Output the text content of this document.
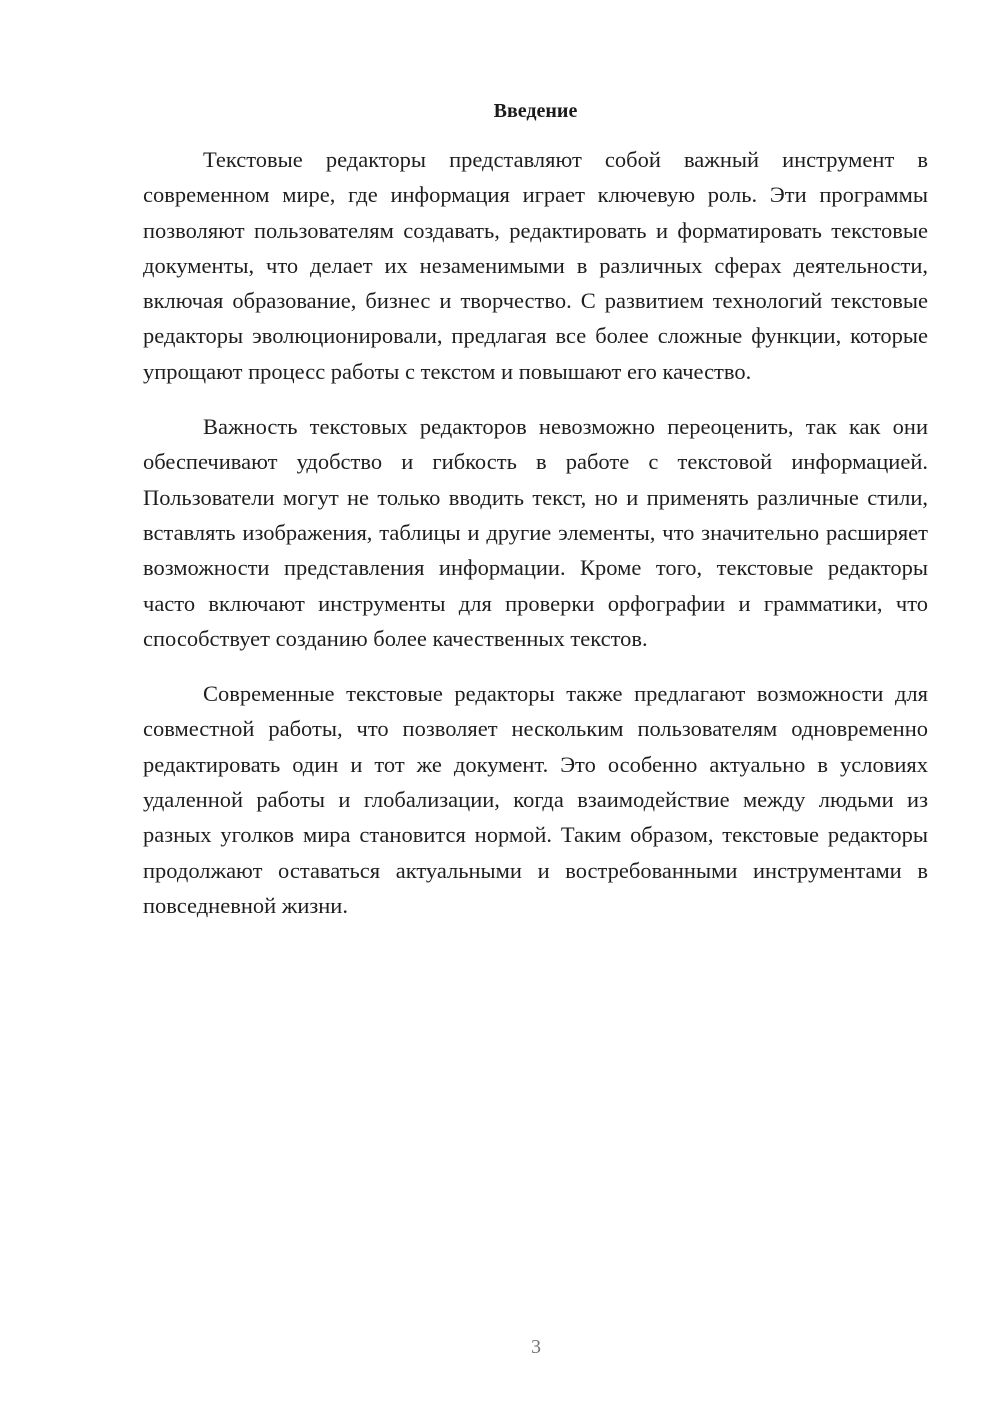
Введение

Текстовые редакторы представляют собой важный инструмент в современном мире, где информация играет ключевую роль. Эти программы позволяют пользователям создавать, редактировать и форматировать текстовые документы, что делает их незаменимыми в различных сферах деятельности, включая образование, бизнес и творчество. С развитием технологий текстовые редакторы эволюционировали, предлагая все более сложные функции, которые упрощают процесс работы с текстом и повышают его качество.

Важность текстовых редакторов невозможно переоценить, так как они обеспечивают удобство и гибкость в работе с текстовой информацией. Пользователи могут не только вводить текст, но и применять различные стили, вставлять изображения, таблицы и другие элементы, что значительно расширяет возможности представления информации. Кроме того, текстовые редакторы часто включают инструменты для проверки орфографии и грамматики, что способствует созданию более качественных текстов.

Современные текстовые редакторы также предлагают возможности для совместной работы, что позволяет нескольким пользователям одновременно редактировать один и тот же документ. Это особенно актуально в условиях удаленной работы и глобализации, когда взаимодействие между людьми из разных уголков мира становится нормой. Таким образом, текстовые редакторы продолжают оставаться актуальными и востребованными инструментами в повседневной жизни.

3
